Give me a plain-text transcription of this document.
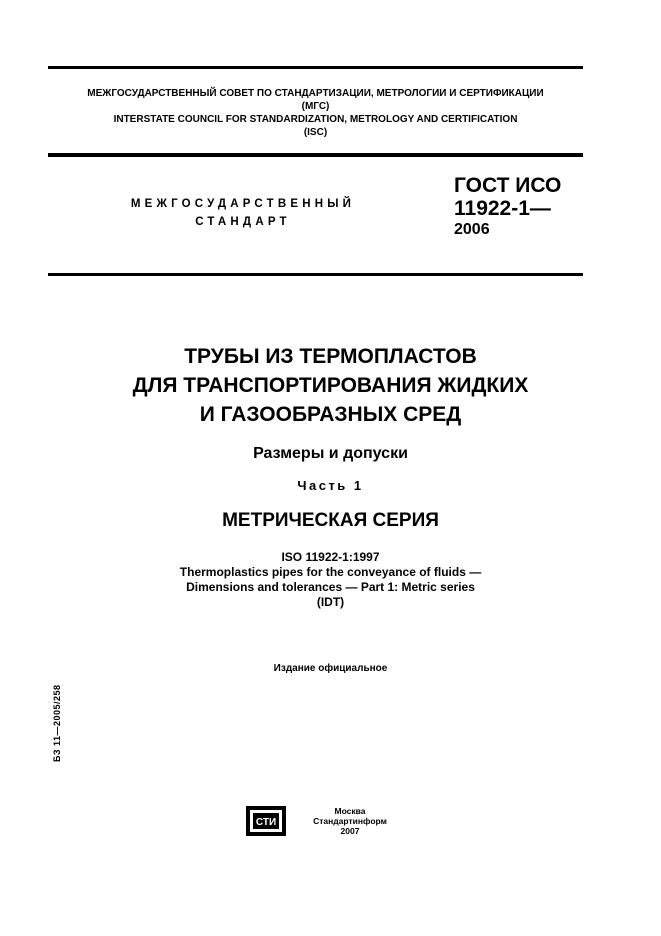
МЕЖГОСУДАРСТВЕННЫЙ СОВЕТ ПО СТАНДАРТИЗАЦИИ, МЕТРОЛОГИИ И СЕРТИФИКАЦИИ
(МГС)
INTERSTATE COUNCIL FOR STANDARDIZATION, METROLOGY AND CERTIFICATION
(ISC)
МЕЖГОСУДАРСТВЕННЫЙ
СТАНДАРТ
ГОСТ ИСО
11922-1—
2006
ТРУБЫ ИЗ ТЕРМОПЛАСТОВ
ДЛЯ ТРАНСПОРТИРОВАНИЯ ЖИДКИХ
И ГАЗООБРАЗНЫХ СРЕД
Размеры и допуски
Часть 1
МЕТРИЧЕСКАЯ СЕРИЯ
ISO 11922-1:1997
Thermoplastics pipes for the conveyance of fluids —
Dimensions and tolerances — Part 1: Metric series
(IDT)
Издание официальное
БЗ 11—2005/258
СТИ
Москва
Стандартинформ
2007
